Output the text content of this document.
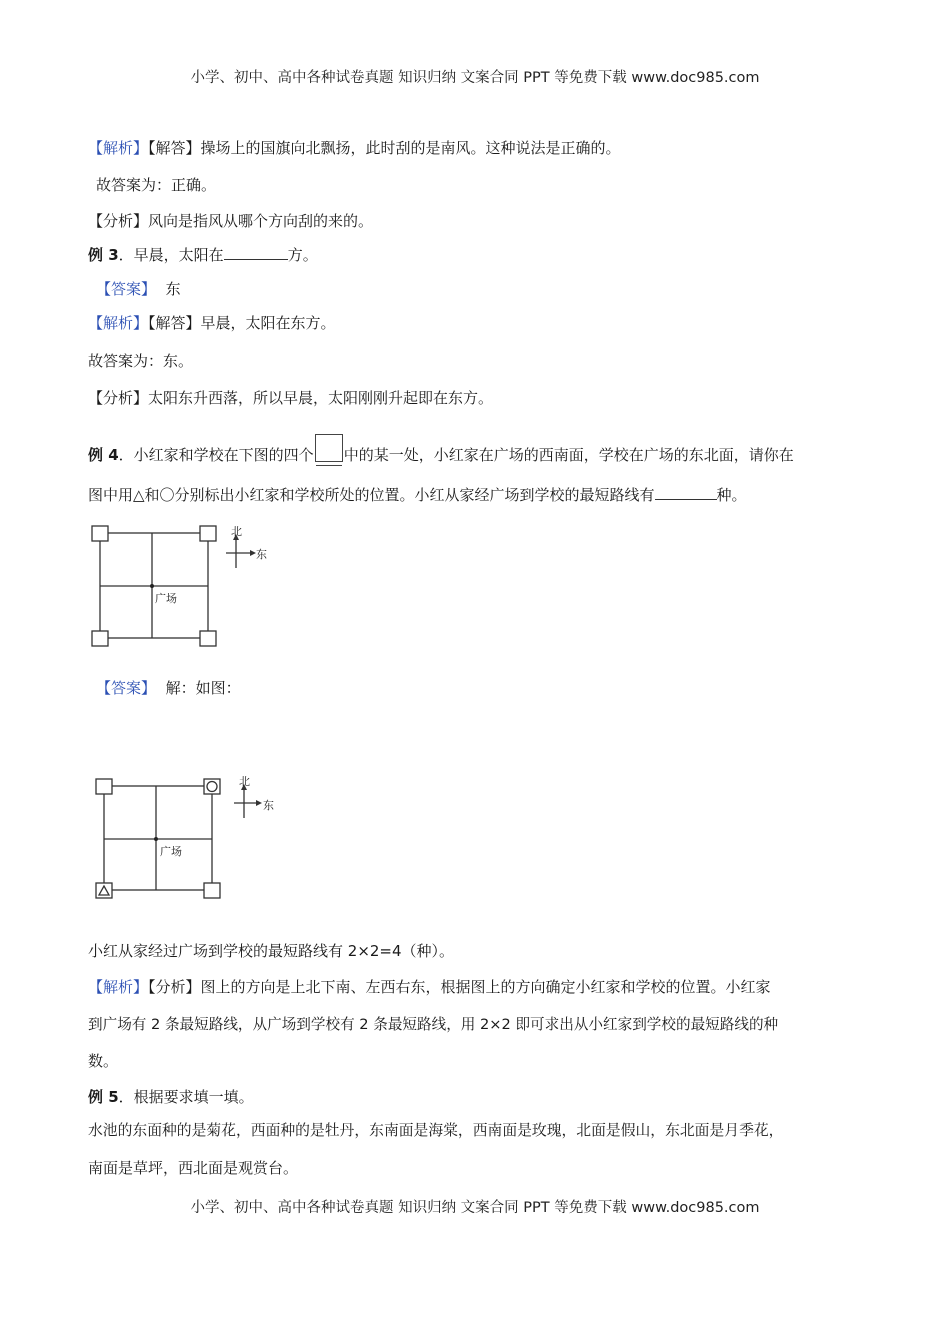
小学、初中、高中各种试卷真题 知识归纳 文案合同 PPT 等免费下载 www.doc985.com
【解析】【解答】操场上的国旗向北飘扬，此时刮的是南风。这种说法是正确的。
故答案为：正确。
【分析】风向是指风从哪个方向刮的来的。
例 3．早晨，太阳在	方。
【答案】 东
【解析】【解答】早晨，太阳在东方。
故答案为：东。
【分析】太阳东升西落，所以早晨，太阳刚刚升起即在东方。
例 4．小红家和学校在下图的四个 中的某一处，小红家在广场的西南面，学校在广场的东北面，请你在
图中用△和〇分别标出小红家和学校所处的位置。小红从家经广场到学校的最短路线有	种。
广场
北
东
【答案】 解：如图：
广场
北
东
小红从家经过广场到学校的最短路线有 2×2=4（种）。
【解析】【分析】图上的方向是上北下南、左西右东，根据图上的方向确定小红家和学校的位置。小红家
到广场有 2 条最短路线，从广场到学校有 2 条最短路线，用 2×2 即可求出从小红家到学校的最短路线的种
数。
例 5．根据要求填一填。
水池的东面种的是菊花，西面种的是牡丹，东南面是海棠，西南面是玫瑰，北面是假山，东北面是月季花，
南面是草坪，西北面是观赏台。
小学、初中、高中各种试卷真题 知识归纳 文案合同 PPT 等免费下载 www.doc985.com
